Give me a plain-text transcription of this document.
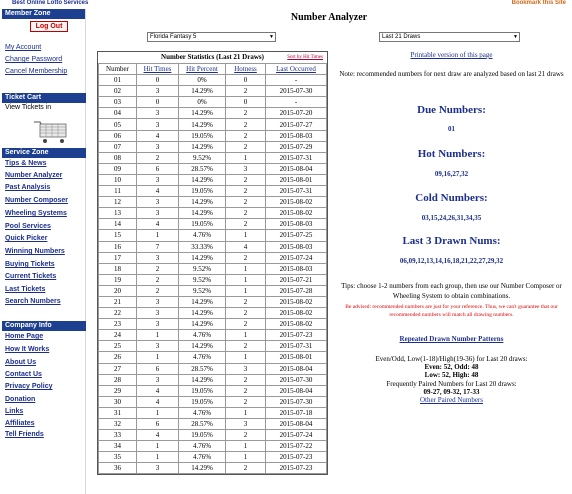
Best Online Lotto Services	Bookmark this Site
Member Zone
Log Out
My Account
Change Password
Cancel Membership
Ticket Cart
View Tickets in
Service Zone
Tips & News
Number Analyzer
Past Analysis
Number Composer
Wheeling Systems
Pool Services
Quick Picker
Winning Numbers
Buying Tickets
Current Tickets
Last Tickets
Search Numbers
Company Info
Home Page
How It Works
About Us
Contact Us
Privacy Policy
Donation
Links
Affiliates
Tell Friends
Number Analyzer
Florida Fantasy 5	▼	Last 21 Draws	▼
Number Statistics (Last 21 Draws)	Sort by Hit Times
Number	Hit Times	Hit Percent	Hotness	Last Occurred
01	0	0%	0	-
02	3	14.29%	2	2015-07-30
03	0	0%	0	-
04	3	14.29%	2	2015-07-20
05	3	14.29%	2	2015-07-27
06	4	19.05%	2	2015-08-03
07	3	14.29%	2	2015-07-29
08	2	9.52%	1	2015-07-31
09	6	28.57%	3	2015-08-04
10	3	14.29%	2	2015-08-01
11	4	19.05%	2	2015-07-31
12	3	14.29%	2	2015-08-02
13	3	14.29%	2	2015-08-02
14	4	19.05%	2	2015-08-03
15	1	4.76%	1	2015-07-25
16	7	33.33%	4	2015-08-03
17	3	14.29%	2	2015-07-24
18	2	9.52%	1	2015-08-03
19	2	9.52%	1	2015-07-21
20	2	9.52%	1	2015-07-28
21	3	14.29%	2	2015-08-02
22	3	14.29%	2	2015-08-02
23	3	14.29%	2	2015-08-02
24	1	4.76%	1	2015-07-23
25	3	14.29%	2	2015-07-31
26	1	4.76%	1	2015-08-01
27	6	28.57%	3	2015-08-04
28	3	14.29%	2	2015-07-30
29	4	19.05%	2	2015-08-04
30	4	19.05%	2	2015-07-30
31	1	4.76%	1	2015-07-18
32	6	28.57%	3	2015-08-04
33	4	19.05%	2	2015-07-24
34	1	4.76%	1	2015-07-22
35	1	4.76%	1	2015-07-23
36	3	14.29%	2	2015-07-23
Printable version of this page
Note: recommended numbers for next draw are analyzed based on last 21 draws
Due Numbers:
01
Hot Numbers:
09,16,27,32
Cold Numbers:
03,15,24,26,31,34,35
Last 3 Drawn Nums:
06,09,12,13,14,16,18,21,22,27,29,32
Tips: choose 1-2 numbers from each group, then use our Number Composer or Wheeling System to obtain combinations.
Be advised: recommended numbers are just for your reference. Thus, we can't guarantee that our recommended numbers will match all drawing numbers.
Repeated Drawn Number Patterns
Even/Odd, Low(1-18)/High(19-36) for Last 20 draws:
Even: 52, Odd: 48
Low: 52, High: 48
Frequently Paired Numbers for Last 20 draws:
09-27, 09-32, 17-33
Other Paired Numbers
